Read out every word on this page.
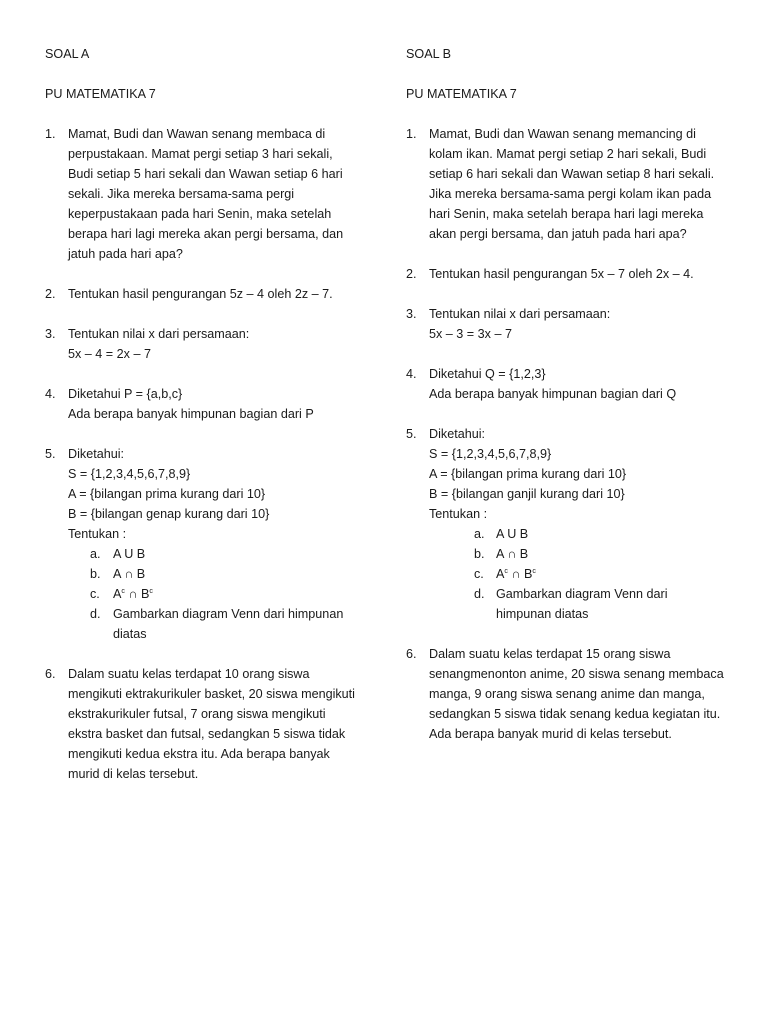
SOAL A
PU MATEMATIKA 7
1. Mamat, Budi dan Wawan senang membaca di
perpustakaan. Mamat pergi setiap 3 hari sekali,
Budi setiap 5 hari sekali dan Wawan setiap 6 hari
sekali. Jika mereka bersama-sama pergi
keperpustakaan pada hari Senin, maka setelah
berapa hari lagi mereka akan pergi bersama, dan
jatuh pada hari apa?
2. Tentukan hasil pengurangan 5z – 4 oleh 2z – 7.
3. Tentukan nilai x dari persamaan:
5x – 4 = 2x – 7
4. Diketahui P = {a,b,c}
Ada berapa banyak himpunan bagian dari P
5. Diketahui:
S = {1,2,3,4,5,6,7,8,9}
A = {bilangan prima kurang dari 10}
B = {bilangan genap kurang dari 10}
Tentukan :
a. A U B
b. A ∩ B
c. $A^c$ ∩ $B^c$
d. Gambarkan diagram Venn dari himpunan
diatas
6. Dalam suatu kelas terdapat 10 orang siswa
mengikuti ektrakurikuler basket, 20 siswa mengikuti
ekstrakurikuler futsal, 7 orang siswa mengikuti
ekstra basket dan futsal, sedangkan 5 siswa tidak
mengikuti kedua ekstra itu. Ada berapa banyak
murid di kelas tersebut.
SOAL B
PU MATEMATIKA 7
1. Mamat, Budi dan Wawan senang memancing di
kolam ikan. Mamat pergi setiap 2 hari sekali, Budi
setiap 6 hari sekali dan Wawan setiap 8 hari sekali.
Jika mereka bersama-sama pergi kolam ikan pada
hari Senin, maka setelah berapa hari lagi mereka
akan pergi bersama, dan jatuh pada hari apa?
2. Tentukan hasil pengurangan 5x – 7 oleh 2x – 4.
3. Tentukan nilai x dari persamaan:
5x – 3 = 3x – 7
4. Diketahui Q = {1,2,3}
Ada berapa banyak himpunan bagian dari Q
5. Diketahui:
S = {1,2,3,4,5,6,7,8,9}
A = {bilangan prima kurang dari 10}
B = {bilangan ganjil kurang dari 10}
Tentukan :
a. A U B
b. A ∩ B
c. $A^c$ ∩ $B^c$
d. Gambarkan diagram Venn dari
himpunan diatas
6. Dalam suatu kelas terdapat 15 orang siswa
senangmenonton anime, 20 siswa senang membaca
manga, 9 orang siswa senang anime dan manga,
sedangkan 5 siswa tidak senang kedua kegiatan itu.
Ada berapa banyak murid di kelas tersebut.
